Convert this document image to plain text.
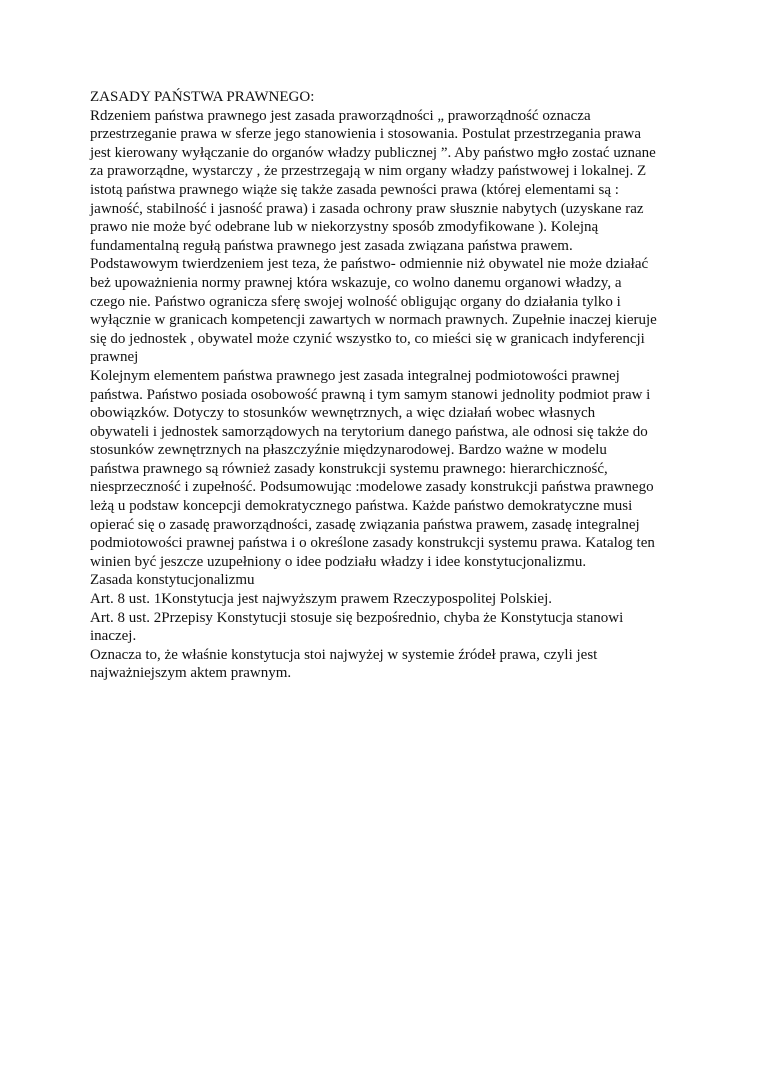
ZASADY PAŃSTWA PRAWNEGO:
Rdzeniem państwa prawnego jest zasada praworządności „ praworządność oznacza
przestrzeganie prawa w sferze jego stanowienia i stosowania. Postulat przestrzegania prawa
jest kierowany wyłączanie do organów władzy publicznej ”. Aby państwo mgło zostać uznane
za praworządne, wystarczy , że przestrzegają w nim organy władzy państwowej i lokalnej. Z
istotą państwa prawnego wiąże się także zasada pewności prawa (której elementami są :
jawność, stabilność i jasność prawa) i zasada ochrony praw słusznie nabytych (uzyskane raz
prawo nie może być odebrane lub w niekorzystny sposób zmodyfikowane ). Kolejną
fundamentalną regułą państwa prawnego jest zasada związana państwa prawem.
Podstawowym twierdzeniem jest teza, że państwo- odmiennie niż obywatel nie może działać
beż upoważnienia normy prawnej która wskazuje, co wolno danemu organowi władzy, a
czego nie. Państwo ogranicza sferę swojej wolność obligując organy do działania tylko i
wyłącznie w granicach kompetencji zawartych w normach prawnych. Zupełnie inaczej kieruje
się do jednostek , obywatel może czynić wszystko to, co mieści się w granicach indyferencji
prawnej
Kolejnym elementem państwa prawnego jest zasada integralnej podmiotowości prawnej
państwa. Państwo posiada osobowość prawną i tym samym stanowi jednolity podmiot praw i
obowiązków. Dotyczy to stosunków wewnętrznych, a więc działań wobec własnych
obywateli i jednostek samorządowych na terytorium danego państwa, ale odnosi się także do
stosunków zewnętrznych na płaszczyźnie międzynarodowej. Bardzo ważne w modelu
państwa prawnego są również zasady konstrukcji systemu prawnego: hierarchiczność,
niesprzeczność i zupełność. Podsumowując :modelowe zasady konstrukcji państwa prawnego
leżą u podstaw koncepcji demokratycznego państwa. Każde państwo demokratyczne musi
opierać się o zasadę praworządności, zasadę związania państwa prawem, zasadę integralnej
podmiotowości prawnej państwa i o określone zasady konstrukcji systemu prawa. Katalog ten
winien być jeszcze uzupełniony o idee podziału władzy i idee konstytucjonalizmu.
Zasada konstytucjonalizmu
Art. 8 ust. 1Konstytucja jest najwyższym prawem Rzeczypospolitej Polskiej.
Art. 8 ust. 2Przepisy Konstytucji stosuje się bezpośrednio, chyba że Konstytucja stanowi
inaczej.
Oznacza to, że właśnie konstytucja stoi najwyżej w systemie źródeł prawa, czyli jest
najważniejszym aktem prawnym.
